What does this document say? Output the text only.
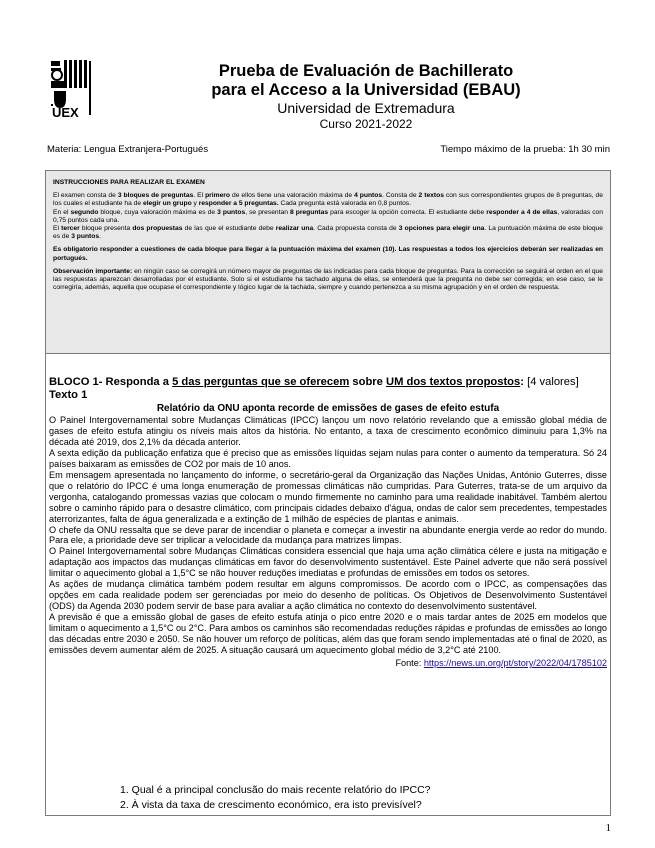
UEX
Prueba de Evaluación de Bachillerato
para el Acceso a la Universidad (EBAU)
Universidad de Extremadura
Curso 2021-2022
Materia: Lengua Extranjera-Portugués	Tiempo máximo de la prueba: 1h 30 min

INSTRUCCIONES PARA REALIZAR EL EXAMEN

El examen consta de 3 bloques de preguntas. El primero de ellos tiene una valoración máxima de 4 puntos. Consta de 2 textos con sus correspondientes grupos de 8 preguntas, de los cuales el estudiante ha de elegir un grupo y responder a 5 preguntas. Cada pregunta está valorada en 0,8 puntos.

En el segundo bloque, cuya valoración máxima es de 3 puntos, se presentan 8 preguntas para escoger la opción correcta. El estudiante debe responder a 4 de ellas, valoradas con 0,75 puntos cada una.

El tercer bloque presenta dos propuestas de las que el estudiante debe realizar una. Cada propuesta consta de 3 opciones para elegir una. La puntuación máxima de este bloque es de 3 puntos.

Es obligatorio responder a cuestiones de cada bloque para llegar a la puntuación máxima del examen (10). Las respuestas a todos los ejercicios deberán ser realizadas en portugués.

Observación importante: en ningún caso se corregirá un número mayor de preguntas de las indicadas para cada bloque de preguntas. Para la corrección se seguirá el orden en el que las respuestas aparezcan desarrolladas por el estudiante. Solo si el estudiante ha tachado alguna de ellas, se entenderá que la pregunta no debe ser corregida; en ese caso, se le corregiría, además, aquella que ocupase el correspondiente y lógico lugar de la tachada, siempre y cuando pertenezca a su misma agrupación y en el orden de respuesta.

BLOCO 1- Responda a 5 das perguntas que se oferecem sobre UM dos textos propostos: [4 valores]
Texto 1
Relatório da ONU aponta recorde de emissões de gases de efeito estufa

O Painel Intergovernamental sobre Mudanças Climáticas (IPCC) lançou um novo relatório revelando que a emissão global média de gases de efeito estufa atingiu os níveis mais altos da história. No entanto, a taxa de crescimento econômico diminuiu para 1,3% na década até 2019, dos 2,1% da década anterior.

A sexta edição da publicação enfatiza que é preciso que as emissões líquidas sejam nulas para conter o aumento da temperatura. Só 24 países baixaram as emissões de CO2 por mais de 10 anos.

Em mensagem apresentada no lançamento do informe, o secretário-geral da Organização das Nações Unidas, António Guterres, disse que o relatório do IPCC é uma longa enumeração de promessas climáticas não cumpridas. Para Guterres, trata-se de um arquivo da vergonha, catalogando promessas vazias que colocam o mundo firmemente no caminho para uma realidade inabitável. Também alertou sobre o caminho rápido para o desastre climático, com principais cidades debaixo d'água, ondas de calor sem precedentes, tempestades aterrorizantes, falta de água generalizada e a extinção de 1 milhão de espécies de plantas e animais.

O chefe da ONU ressalta que se deve parar de incendiar o planeta e começar a investir na abundante energia verde ao redor do mundo. Para ele, a prioridade deve ser triplicar a velocidade da mudança para matrizes limpas.

O Painel Intergovernamental sobre Mudanças Climáticas considera essencial que haja uma ação climática célere e justa na mitigação e adaptação aos impactos das mudanças climáticas em favor do desenvolvimento sustentável. Este Painel adverte que não será possível limitar o aquecimento global a 1,5°C se não houver reduções imediatas e profundas de emissões em todos os setores.

As ações de mudança climática também podem resultar em alguns compromissos. De acordo com o IPCC, as compensações das opções em cada realidade podem ser gerenciadas por meio do desenho de políticas. Os Objetivos de Desenvolvimento Sustentável (ODS) da Agenda 2030 podem servir de base para avaliar a ação climática no contexto do desenvolvimento sustentável.

A previsão é que a emissão global de gases de efeito estufa atinja o pico entre 2020 e o mais tardar antes de 2025 em modelos que limitam o aquecimento a 1,5°C ou 2°C. Para ambos os caminhos são recomendadas reduções rápidas e profundas de emissões ao longo das décadas entre 2030 e 2050. Se não houver um reforço de políticas, além das que foram sendo implementadas até o final de 2020, as emissões devem aumentar além de 2025. A situação causará um aquecimento global médio de 3,2°C até 2100.

Fonte: https://news.un.org/pt/story/2022/04/1785102

1. Qual é a principal conclusão do mais recente relatório do IPCC?

2. À vista da taxa de crescimento económico, era isto previsível?

1
